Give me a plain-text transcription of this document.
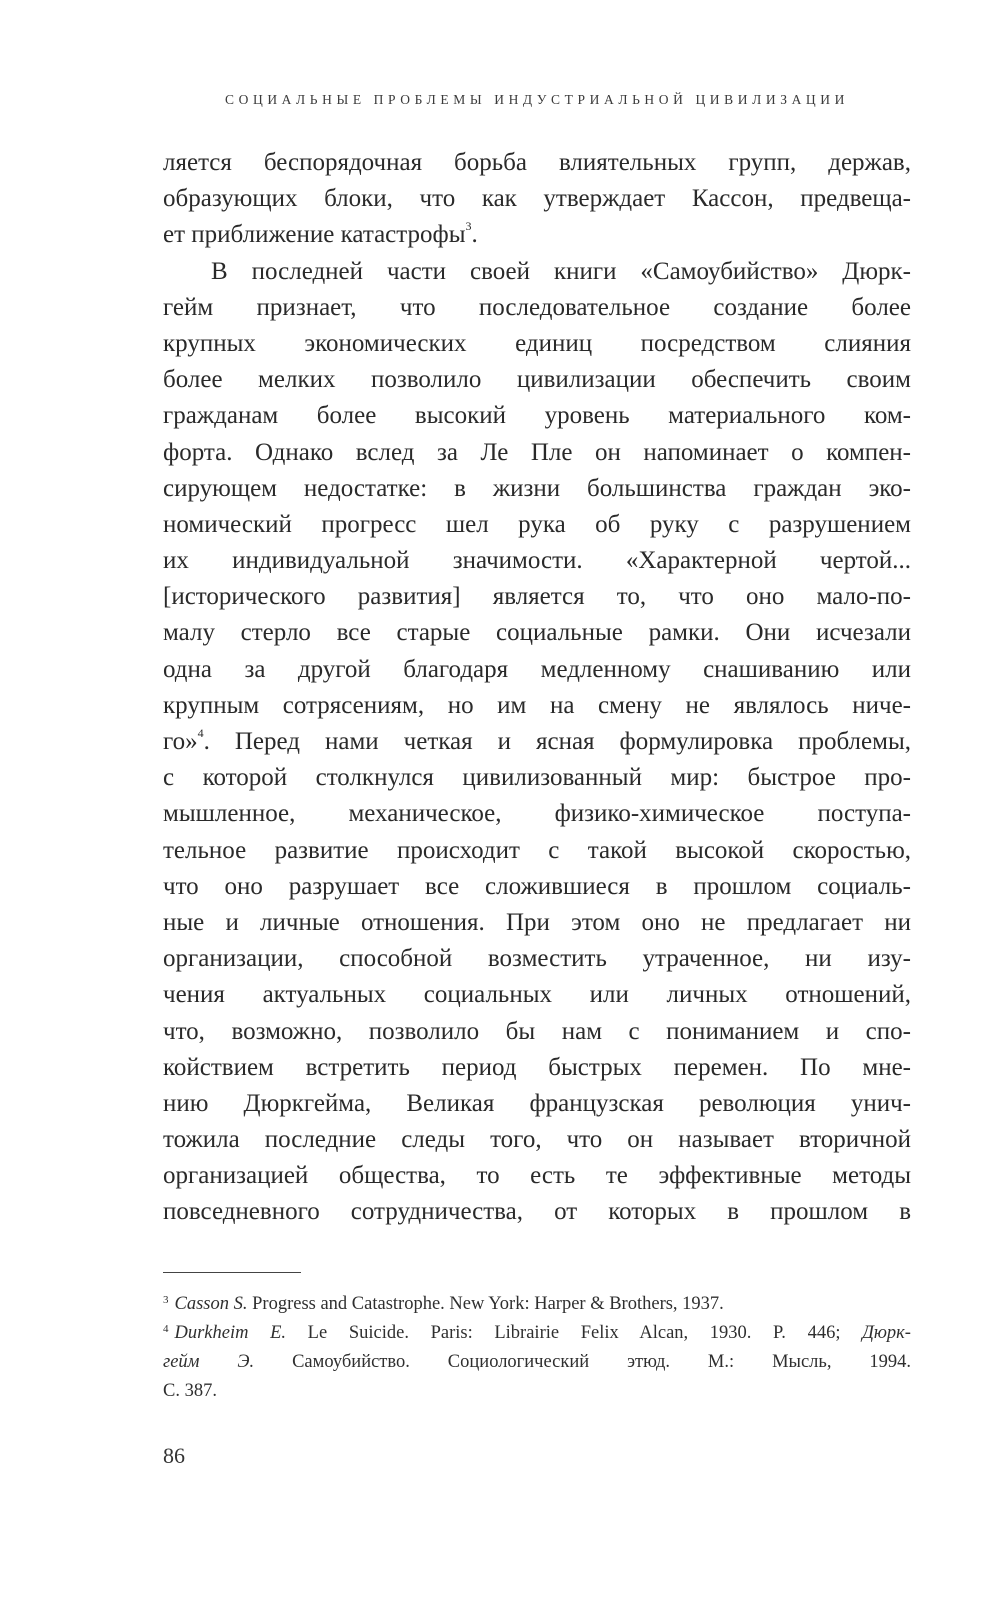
СОЦИАЛЬНЫЕ ПРОБЛЕМЫ ИНДУСТРИАЛЬНОЙ ЦИВИЛИЗАЦИИ
ляется беспорядочная борьба влиятельных групп, держав,
образующих блоки, что как утверждает Кассон, предвеща-
ет приближение катастрофы$^3$.
В последней части своей книги «Самоубийство» Дюрк-
гейм признает, что последовательное создание более
крупных экономических единиц посредством слияния
более мелких позволило цивилизации обеспечить своим
гражданам более высокий уровень материального ком-
форта. Однако вслед за Ле Пле он напоминает о компен-
сирующем недостатке: в жизни большинства граждан эко-
номический прогресс шел рука об руку с разрушением
их индивидуальной значимости. «Характерной чертой...
[исторического развития] является то, что оно мало-по-
малу стерло все старые социальные рамки. Они исчезали
одна за другой благодаря медленному снашиванию или
крупным сотрясениям, но им на смену не являлось ниче-
го»$^4$. Перед нами четкая и ясная формулировка проблемы,
с которой столкнулся цивилизованный мир: быстрое про-
мышленное, механическое, физико-химическое поступа-
тельное развитие происходит с такой высокой скоростью,
что оно разрушает все сложившиеся в прошлом социаль-
ные и личные отношения. При этом оно не предлагает ни
организации, способной возместить утраченное, ни изу-
чения актуальных социальных или личных отношений,
что, возможно, позволило бы нам с пониманием и спо-
койствием встретить период быстрых перемен. По мне-
нию Дюркгейма, Великая французская революция унич-
тожила последние следы того, что он называет вторичной
организацией общества, то есть те эффективные методы
повседневного сотрудничества, от которых в прошлом в
$^3$ Casson S. Progress and Catastrophe. New York: Harper & Brothers, 1937.
$^4$ Durkheim E. Le Suicide. Paris: Librairie Felix Alcan, 1930. P. 446; Дюрк-
гейм Э. Самоубийство. Социологический этюд. М.: Мысль, 1994.
С. 387.
86
